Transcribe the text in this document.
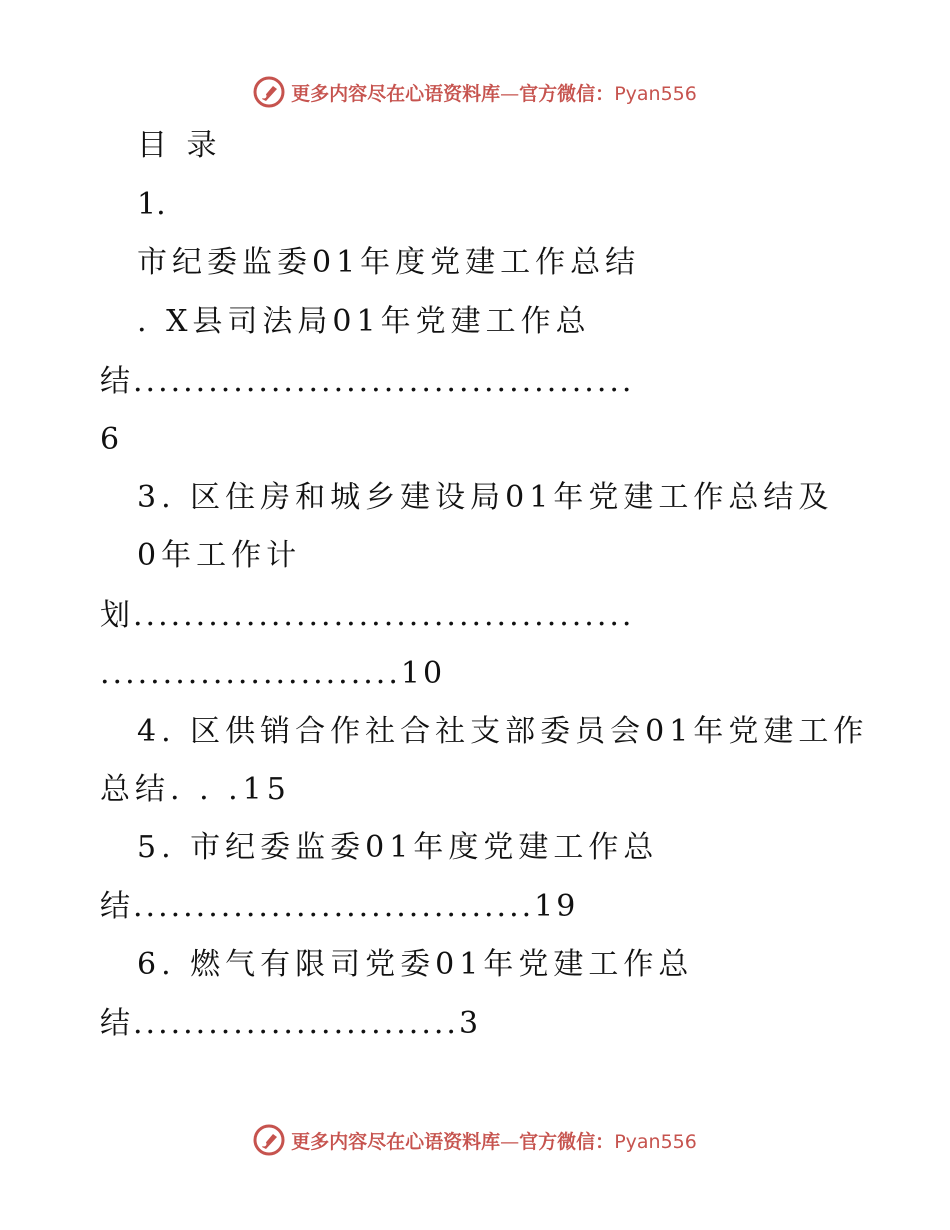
更多内容尽在心语资料库—官方微信：Pyan556
目 录
1.
市纪委监委01年度党建工作总结
. X县司法局01年党建工作总
结........................................
6
3. 区住房和城乡建设局01年党建工作总结及
0年工作计
划........................................
........................10
4. 区供销合作社合社支部委员会01年党建工作
总结. . .15
5. 市纪委监委01年度党建工作总
结................................19
6. 燃气有限司党委01年党建工作总
结..........................3
更多内容尽在心语资料库—官方微信：Pyan556
